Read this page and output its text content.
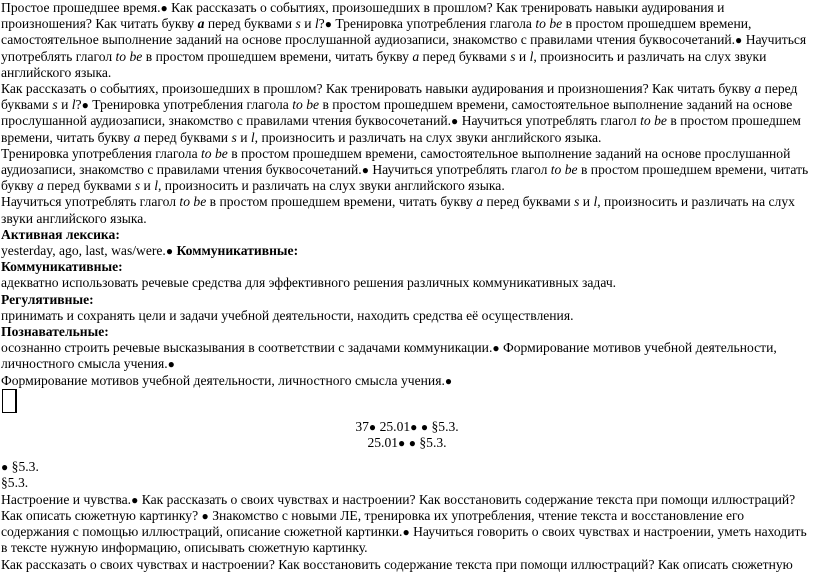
Простое прошедшее время.● Как рассказать о событиях, произошедших в прошлом? Как тренировать навыки аудирования и произношения? Как читать букву a перед буквами s и l?● Тренировка употребления глагола to be в простом прошедшем времени, самостоятельное выполнение заданий на основе прослушанной аудиозаписи, знакомство с правилами чтения буквосочетаний.● Научиться употреблять глагол to be в простом прошедшем времени, читать букву a перед буквами s и l, произносить и различать на слух звуки английского языка.

Как рассказать о событиях, произошедших в прошлом? Как тренировать навыки аудирования и произношения? Как читать букву a перед буквами s и l?● Тренировка употребления глагола to be в простом прошедшем времени, самостоятельное выполнение заданий на основе прослушанной аудиозаписи, знакомство с правилами чтения буквосочетаний.● Научиться употреблять глагол to be в простом прошедшем времени, читать букву a перед буквами s и l, произносить и различать на слух звуки английского языка.

Тренировка употребления глагола to be в простом прошедшем времени, самостоятельное выполнение заданий на основе прослушанной аудиозаписи, знакомство с правилами чтения буквосочетаний.● Научиться употреблять глагол to be в простом прошедшем времени, читать букву a перед буквами s и l, произносить и различать на слух звуки английского языка.

Научиться употреблять глагол to be в простом прошедшем времени, читать букву a перед буквами s и l, произносить и различать на слух звуки английского языка.

Активная лексика:

yesterday, ago, last, was/were.● Коммуникативные:

Коммуникативные:

адекватно использовать речевые средства для эффективного решения различных коммуникативных задач.

Регулятивные:

принимать и сохранять цели и задачи учебной деятельности, находить средства её осуществления.

Познавательные:

осознанно строить речевые высказывания в соответствии с задачами коммуникации.● Формирование мотивов учебной деятельности, личностного смысла учения.●

Формирование мотивов учебной деятельности, личностного смысла учения.●

37● 25.01● ● §5.3.

25.01● ● §5.3.

● §5.3.

§5.3.

Настроение и чувства.● Как рассказать о своих чувствах и настроении? Как восстановить содержание текста при помощи иллюстраций? Как описать сюжетную картинку? ● Знакомство с новыми ЛЕ, тренировка их употребления, чтение текста и восстановление его содержания с помощью иллюстраций, описание сюжетной картинки.● Научиться говорить о своих чувствах и настроении, уметь находить в тексте нужную информацию, описывать сюжетную картинку.

Как рассказать о своих чувствах и настроении? Как восстановить содержание текста при помощи иллюстраций? Как описать сюжетную
